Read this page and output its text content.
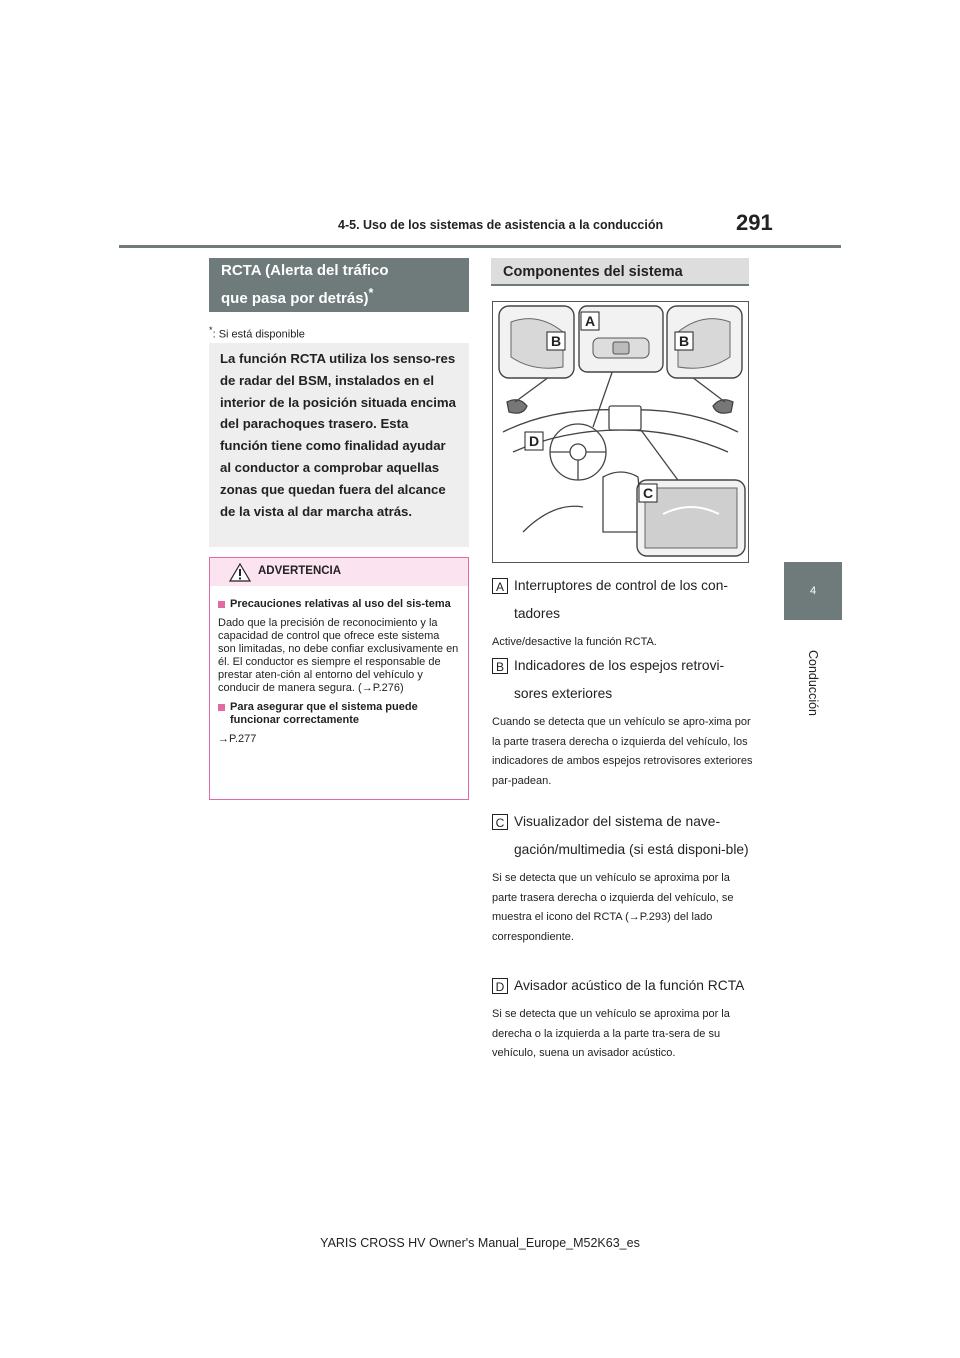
291
4-5. Uso de los sistemas de asistencia a la conducción
4
Conducción
RCTA (Alerta del tráfico
que pasa por detrás)*
*: Si está disponible
La función RCTA utiliza los senso-res de radar del BSM, instalados en el interior de la posición situada encima del parachoques trasero. Esta función tiene como finalidad ayudar al conductor a comprobar aquellas zonas que quedan fuera del alcance de la vista al dar marcha atrás.
ADVERTENCIA
Precauciones relativas al uso del sis-tema

Dado que la precisión de reconocimiento y la capacidad de control que ofrece este sistema son limitadas, no debe confiar exclusivamente en él. El conductor es siempre el responsable de prestar aten-ción al entorno del vehículo y conducir de manera segura. (→P.276)

Para asegurar que el sistema puede funcionar correctamente

→P.277

Componentes del sistema
A
B	B
C
D
A Interruptores de control de los con-tadores
Active/desactive la función RCTA.
B Indicadores de los espejos retrovi-sores exteriores
Cuando se detecta que un vehículo se apro-xima por la parte trasera derecha o izquierda del vehículo, los indicadores de ambos espejos retrovisores exteriores par-padean.
C Visualizador del sistema de nave-gación/multimedia (si está disponi-ble)
Si se detecta que un vehículo se aproxima por la parte trasera derecha o izquierda del vehículo, se muestra el icono del RCTA (→P.293) del lado correspondiente.
D Avisador acústico de la función RCTA
Si se detecta que un vehículo se aproxima por la derecha o la izquierda a la parte tra-sera de su vehículo, suena un avisador acústico.
YARIS CROSS HV Owner's Manual_Europe_M52K63_es
